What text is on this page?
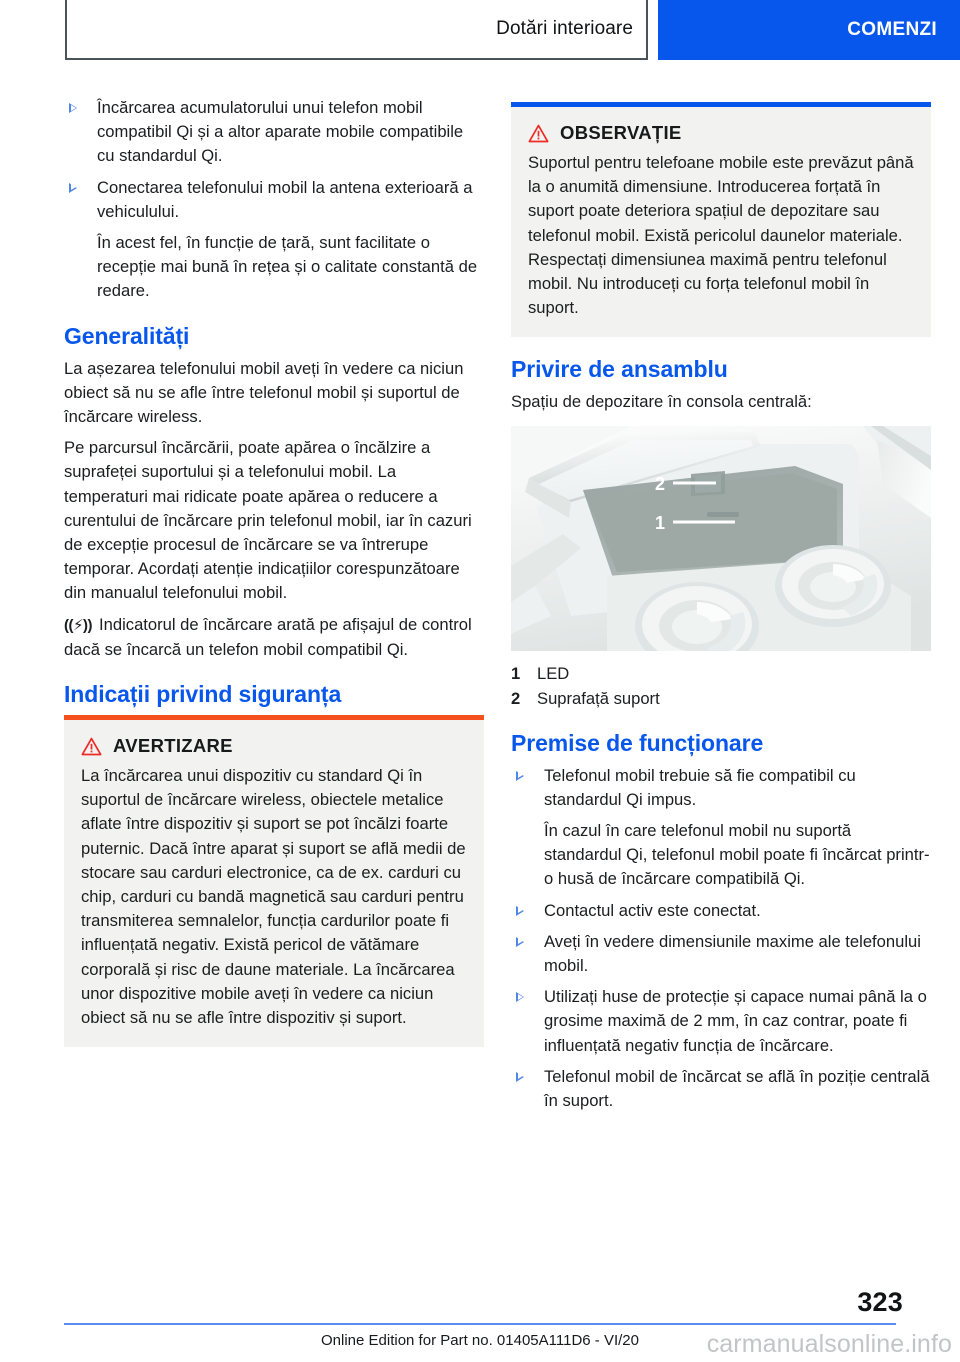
Dotări interioare	COMENZI
Încărcarea acumulatorului unui telefon mobil compatibil Qi și a altor aparate mobile compatibile cu standardul Qi.
Conectarea telefonului mobil la antena exterioară a vehiculului.
În acest fel, în funcție de țară, sunt facilitate o recepție mai bună în rețea și o calitate constantă de redare.
Generalități

La așezarea telefonului mobil aveți în vedere ca niciun obiect să nu se afle între telefonul mobil și suportul de încărcare wireless.

Pe parcursul încărcării, poate apărea o încălzire a suprafeței suportului și a telefonului mobil. La temperaturi mai ridicate poate apărea o reducere a curentului de încărcare prin telefonul mobil, iar în cazuri de excepție procesul de încărcare se va întrerupe temporar. Acordați atenție indicațiilor corespunzătoare din manualul telefonului mobil.

((⚡)) Indicatorul de încărcare arată pe afișajul de control dacă se încarcă un telefon mobil compatibil Qi.

Indicații privind siguranța
AVERTIZARE
La încărcarea unui dispozitiv cu standard Qi în suportul de încărcare wireless, obiectele metalice aflate între dispozitiv și suport se pot încălzi foarte puternic. Dacă între aparat și suport se află medii de stocare sau carduri electronice, ca de ex. carduri cu chip, carduri cu bandă magnetică sau carduri pentru transmiterea semnalelor, funcția cardurilor poate fi influențată negativ. Există pericol de vătămare corporală și risc de daune materiale. La încărcarea unor dispozitive mobile aveți în vedere ca niciun obiect să nu se afle între dispozitiv și suport.
OBSERVAȚIE
Suportul pentru telefoane mobile este prevăzut până la o anumită dimensiune. Introducerea forțată în suport poate deteriora spațiul de depozitare sau telefonul mobil. Există pericolul daunelor materiale. Respectați dimensiunea maximă pentru telefonul mobil. Nu introduceți cu forța telefonul mobil în suport.
Privire de ansamblu

Spațiu de depozitare în consola centrală:

2
1
1	LED
2	Suprafață suport
Premise de funcționare
Telefonul mobil trebuie să fie compatibil cu standardul Qi impus.
În cazul în care telefonul mobil nu suportă standardul Qi, telefonul mobil poate fi încărcat printr-o husă de încărcare compatibilă Qi.
Contactul activ este conectat.
Aveți în vedere dimensiunile maxime ale telefonului mobil.
Utilizați huse de protecție și capace numai până la o grosime maximă de 2 mm, în caz contrar, poate fi influențată negativ funcția de încărcare.
Telefonul mobil de încărcat se află în poziție centrală în suport.
323
Online Edition for Part no. 01405A111D6 - VI/20	carmanualsonline.info
